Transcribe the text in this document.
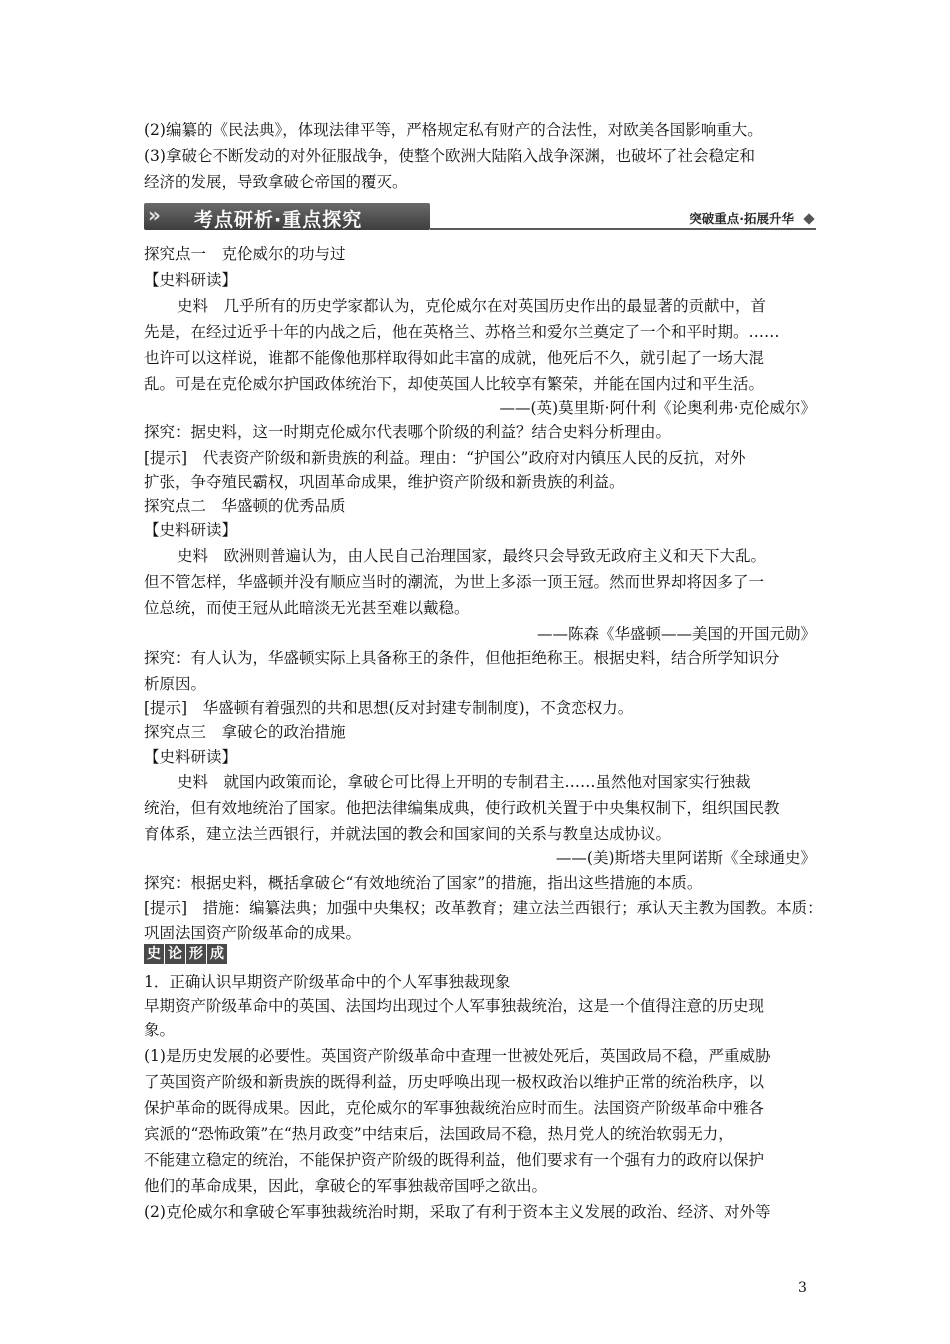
(2)编纂的《民法典》，体现法律平等，严格规定私有财产的合法性，对欧美各国影响重大。
(3)拿破仑不断发动的对外征服战争，使整个欧洲大陆陷入战争深渊，也破坏了社会稳定和
经济的发展，导致拿破仑帝国的覆灭。
» 考点研析·重点探究	突破重点·拓展升华
探究点一　克伦威尔的功与过
【史料研读】
史料　几乎所有的历史学家都认为，克伦威尔在对英国历史作出的最显著的贡献中，首
先是，在经过近乎十年的内战之后，他在英格兰、苏格兰和爱尔兰奠定了一个和平时期。……
也许可以这样说，谁都不能像他那样取得如此丰富的成就，他死后不久，就引起了一场大混
乱。可是在克伦威尔护国政体统治下，却使英国人比较享有繁荣，并能在国内过和平生活。
——(英)莫里斯·阿什利《论奥利弗·克伦威尔》
探究：据史料，这一时期克伦威尔代表哪个阶级的利益？结合史料分析理由。
[提示]　代表资产阶级和新贵族的利益。理由：“护国公”政府对内镇压人民的反抗，对外
扩张，争夺殖民霸权，巩固革命成果，维护资产阶级和新贵族的利益。
探究点二　华盛顿的优秀品质
【史料研读】
史料　欧洲则普遍认为，由人民自己治理国家，最终只会导致无政府主义和天下大乱。
但不管怎样，华盛顿并没有顺应当时的潮流，为世上多添一顶王冠。然而世界却将因多了一
位总统，而使王冠从此暗淡无光甚至难以戴稳。
——陈森《华盛顿——美国的开国元勋》
探究：有人认为，华盛顿实际上具备称王的条件，但他拒绝称王。根据史料，结合所学知识分
析原因。
[提示]　华盛顿有着强烈的共和思想(反对封建专制制度)，不贪恋权力。
探究点三　拿破仑的政治措施
【史料研读】
史料　就国内政策而论，拿破仑可比得上开明的专制君主……虽然他对国家实行独裁
统治，但有效地统治了国家。他把法律编集成典，使行政机关置于中央集权制下，组织国民教
育体系，建立法兰西银行，并就法国的教会和国家间的关系与教皇达成协议。
——(美)斯塔夫里阿诺斯《全球通史》
探究：根据史料，概括拿破仑“有效地统治了国家”的措施，指出这些措施的本质。
[提示]　措施：编纂法典；加强中央集权；改革教育；建立法兰西银行；承认天主教为国教。本质：
巩固法国资产阶级革命的成果。
史 论 形 成
1．正确认识早期资产阶级革命中的个人军事独裁现象
早期资产阶级革命中的英国、法国均出现过个人军事独裁统治，这是一个值得注意的历史现
象。
(1)是历史发展的必要性。英国资产阶级革命中查理一世被处死后，英国政局不稳，严重威胁
了英国资产阶级和新贵族的既得利益，历史呼唤出现一极权政治以维护正常的统治秩序，以
保护革命的既得成果。因此，克伦威尔的军事独裁统治应时而生。法国资产阶级革命中雅各
宾派的“恐怖政策”在“热月政变”中结束后，法国政局不稳，热月党人的统治软弱无力，
不能建立稳定的统治，不能保护资产阶级的既得利益，他们要求有一个强有力的政府以保护
他们的革命成果，因此，拿破仑的军事独裁帝国呼之欲出。
(2)克伦威尔和拿破仑军事独裁统治时期，采取了有利于资本主义发展的政治、经济、对外等
3
